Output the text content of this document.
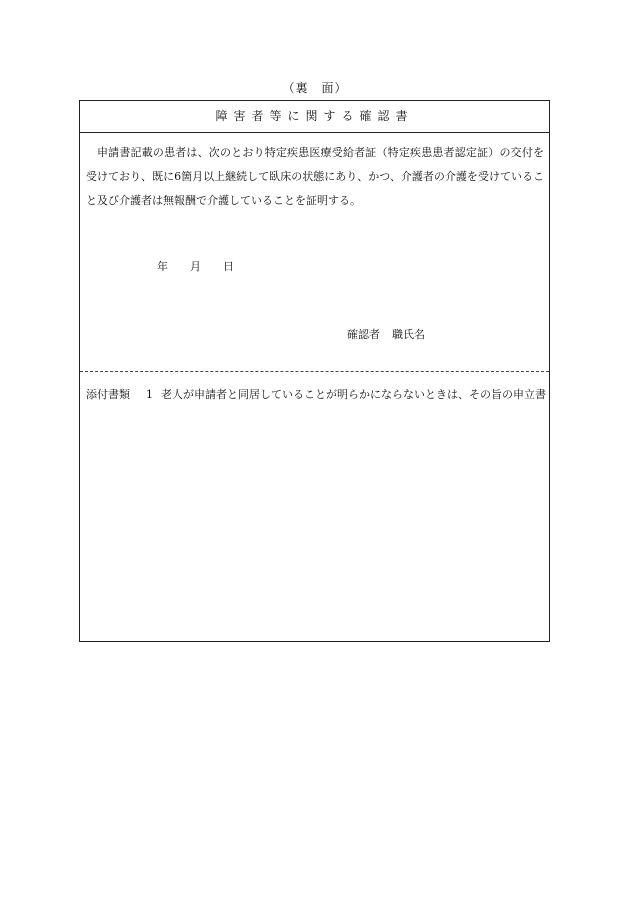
（裏　面）
障害者等に関する確認書

申請書記載の患者は、次のとおり特定疾患医療受給者証（特定疾患患者認定証）の交付を受けており、既に6箇月以上継続して臥床の状態にあり、かつ、介護者の介護を受けていること及び介護者は無報酬で介護していることを証明する。

年 月 日
確認者 職氏名
添付書類 1 老人が申請者と同居していることが明らかにならないときは、その旨の申立書
